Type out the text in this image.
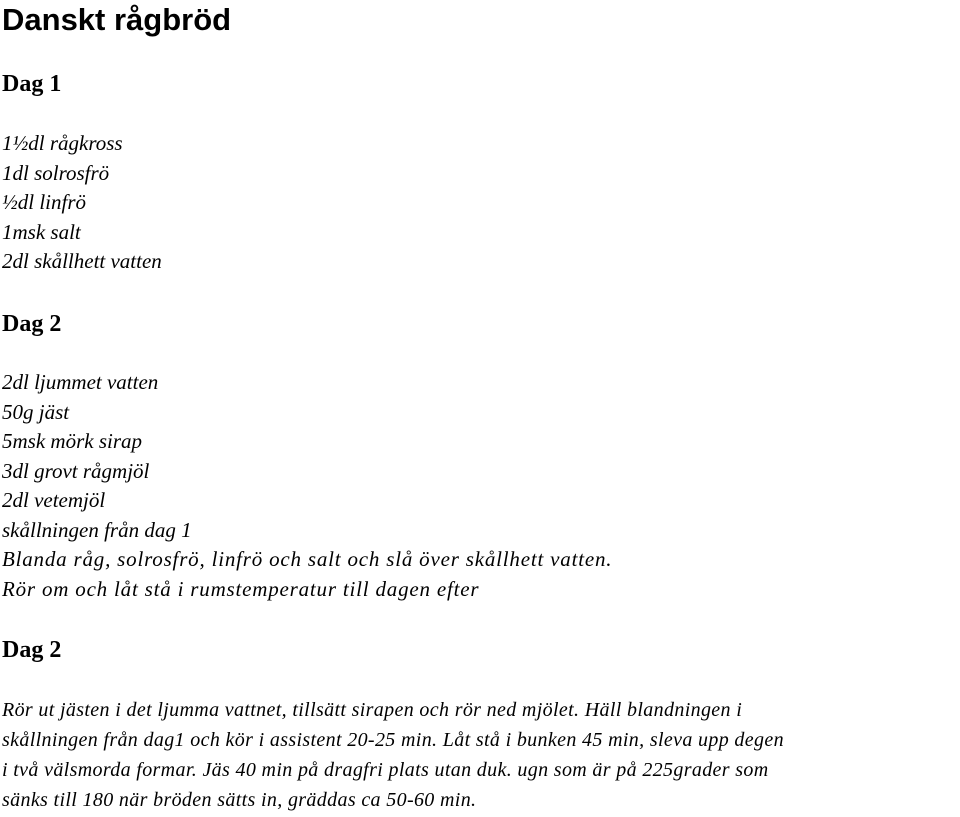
Danskt rågbröd
Dag 1
1½dl rågkross
1dl solrosfrö
½dl linfrö
1msk salt
2dl skållhett vatten
Dag 2
2dl ljummet vatten
50g jäst
5msk mörk sirap
3dl grovt rågmjöl
2dl vetemjöl
skållningen från dag 1
Blanda råg, solrosfrö, linfrö och salt och slå över skållhett vatten.
Rör om och låt stå i rumstemperatur till dagen efter
Dag 2
Rör ut jästen i det ljumma vattnet, tillsätt sirapen och rör ned mjölet. Häll blandningen i
skållningen från dag1 och kör i assistent 20-25 min. Låt stå i bunken 45 min, sleva upp degen
i två välsmorda formar. Jäs 40 min på dragfri plats utan duk. ugn som är på 225grader som
sänks till 180 när bröden sätts in, gräddas ca 50-60 min.
